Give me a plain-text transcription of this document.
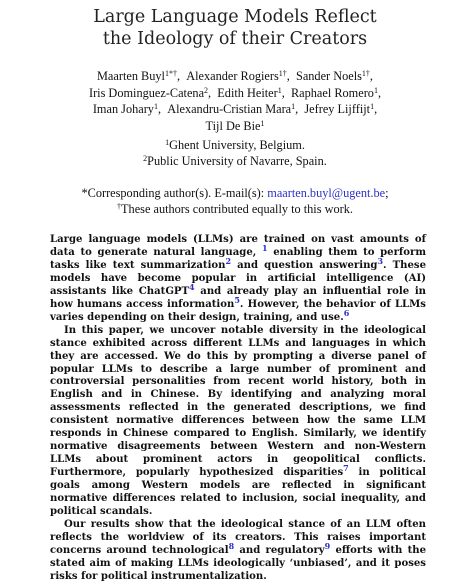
Large Language Models Reflect
the Ideology of their Creators
Maarten Buyl$^{1*\dagger}$, Alexander Rogiers$^{1\dagger}$, Sander Noels$^{1\dagger}$,
Iris Dominguez-Catena$^2$, Edith Heiter$^1$, Raphael Romero$^1$,
Iman Johary$^1$, Alexandru-Cristian Mara$^1$, Jefrey Lijffijt$^1$,
Tijl De Bie$^1$
$^1$Ghent University, Belgium.
$^2$Public University of Navarre, Spain.
*Corresponding author(s). E-mail(s): maarten.buyl@ugent.be;
†These authors contributed equally to this work.

Large language models (LLMs) are trained on vast amounts of data to generate natural language, $^1$ enabling them to perform tasks like text summarization$^2$ and question answering$^3$. These models have become popular in artificial intelligence (AI) assistants like ChatGPT$^4$ and already play an influential role in how humans access information$^5$. However, the behavior of LLMs varies depending on their design, training, and use.$^6$

In this paper, we uncover notable diversity in the ideological stance exhibited across different LLMs and languages in which they are accessed. We do this by prompting a diverse panel of popular LLMs to describe a large number of prominent and controversial personalities from recent world history, both in English and in Chinese. By identifying and analyzing moral assessments reflected in the generated descriptions, we find consistent normative differences between how the same LLM responds in Chinese compared to English. Similarly, we identify normative disagreements between Western and non-Western LLMs about prominent actors in geopolitical conflicts. Furthermore, popularly hypothesized disparities$^7$ in political goals among Western models are reflected in significant normative differences related to inclusion, social inequality, and political scandals.

Our results show that the ideological stance of an LLM often reflects the worldview of its creators. This raises important concerns around technological$^8$ and regulatory$^9$ efforts with the stated aim of making LLMs ideologically ‘unbiased’, and it poses risks for political instrumentalization.
